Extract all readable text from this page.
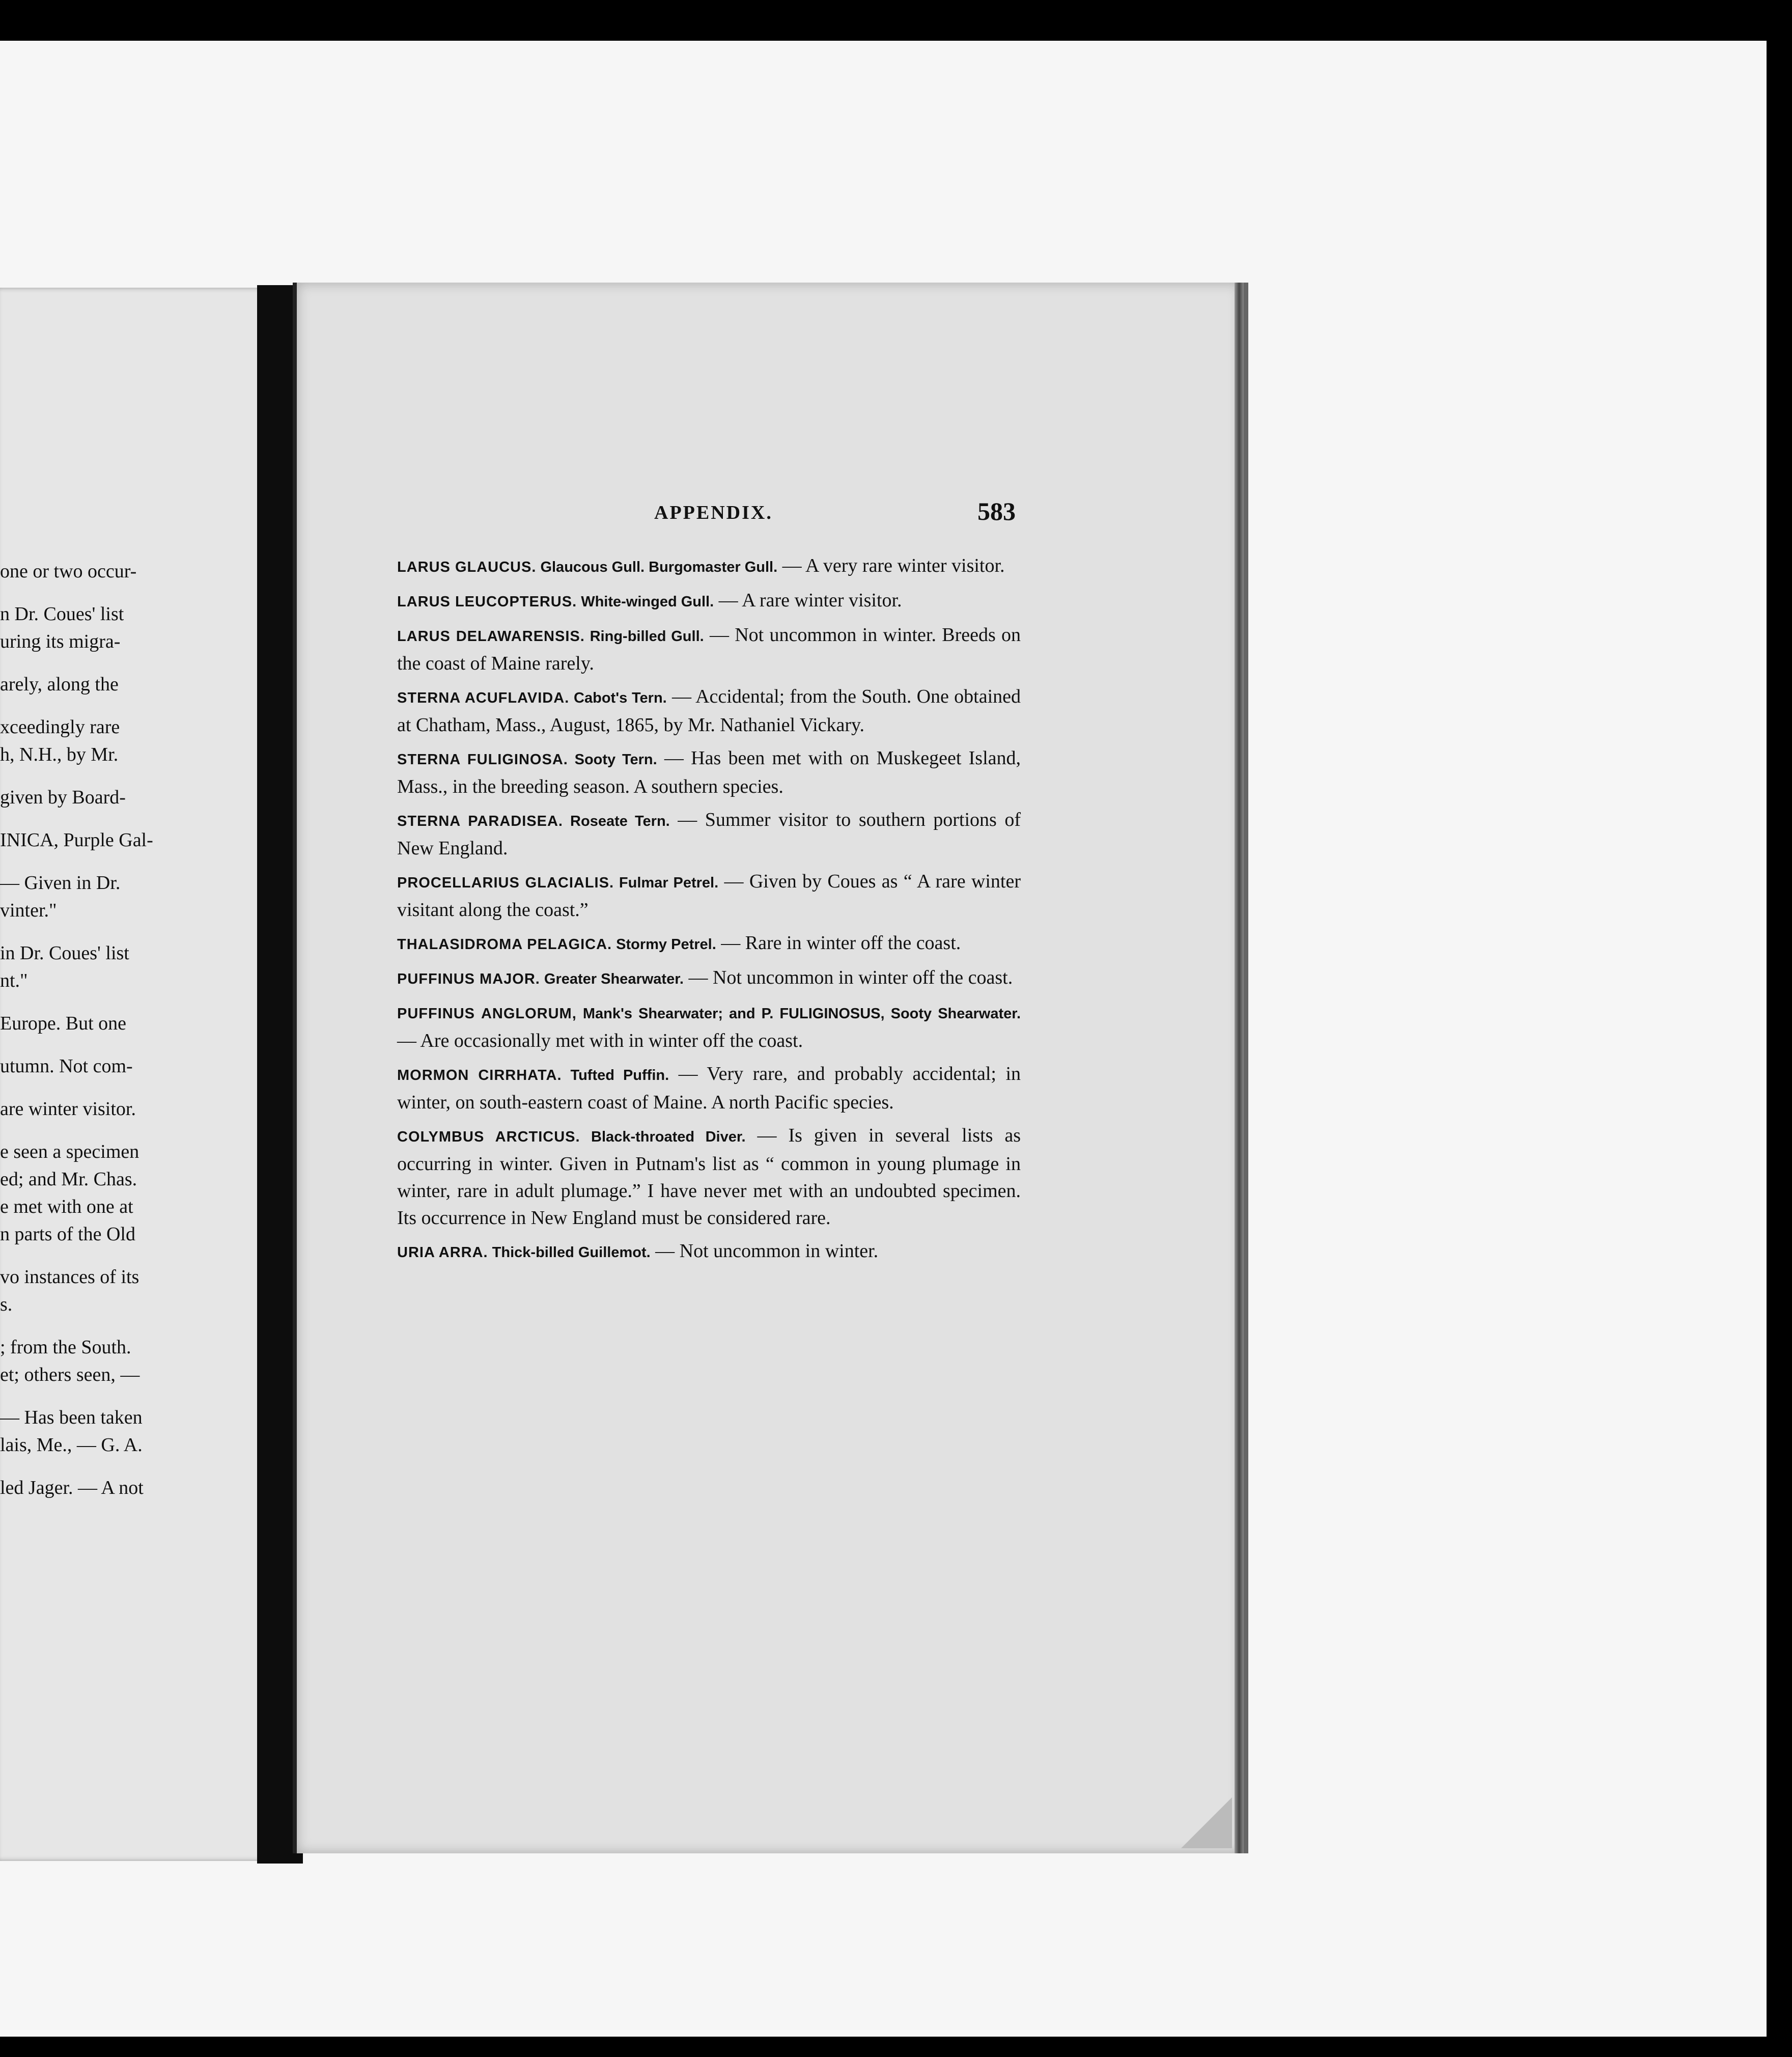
one or two occur-
n Dr. Coues' list
uring its migra-
arely, along the
xceedingly rare
h, N.H., by Mr.
given by Board-
INICA, Purple Gal-
— Given in Dr.
vinter."
in Dr. Coues' list
nt."
Europe. But one
utumn. Not com-
are winter visitor.
e seen a specimen
ed; and Mr. Chas.
e met with one at
n parts of the Old
vo instances of its
s.
; from the South.
et; others seen, —
— Has been taken
lais, Me., — G. A.
led Jager. — A not
APPENDIX.	583
LARUS GLAUCUS. Glaucous Gull. Burgomaster Gull. — A very rare winter visitor.
LARUS LEUCOPTERUS. White-winged Gull. — A rare winter visitor.
LARUS DELAWARENSIS. Ring-billed Gull. — Not uncommon in winter. Breeds on the coast of Maine rarely.
STERNA ACUFLAVIDA. Cabot's Tern. — Accidental; from the South. One obtained at Chatham, Mass., August, 1865, by Mr. Nathaniel Vickary.
STERNA FULIGINOSA. Sooty Tern. — Has been met with on Muskegeet Island, Mass., in the breeding season. A southern species.
STERNA PARADISEA. Roseate Tern. — Summer visitor to southern portions of New England.
PROCELLARIUS GLACIALIS. Fulmar Petrel. — Given by Coues as “ A rare winter visitant along the coast.”
THALASIDROMA PELAGICA. Stormy Petrel. — Rare in winter off the coast.
PUFFINUS MAJOR. Greater Shearwater. — Not uncommon in winter off the coast.
PUFFINUS ANGLORUM, Mank's Shearwater; and P. FULIGINOSUS, Sooty Shearwater. — Are occasionally met with in winter off the coast.
MORMON CIRRHATA. Tufted Puffin. — Very rare, and probably accidental; in winter, on south-eastern coast of Maine. A north Pacific species.
COLYMBUS ARCTICUS. Black-throated Diver. — Is given in several lists as occurring in winter. Given in Putnam's list as “ common in young plumage in winter, rare in adult plumage.” I have never met with an undoubted specimen. Its occurrence in New England must be considered rare.
URIA ARRA. Thick-billed Guillemot. — Not uncommon in winter.
